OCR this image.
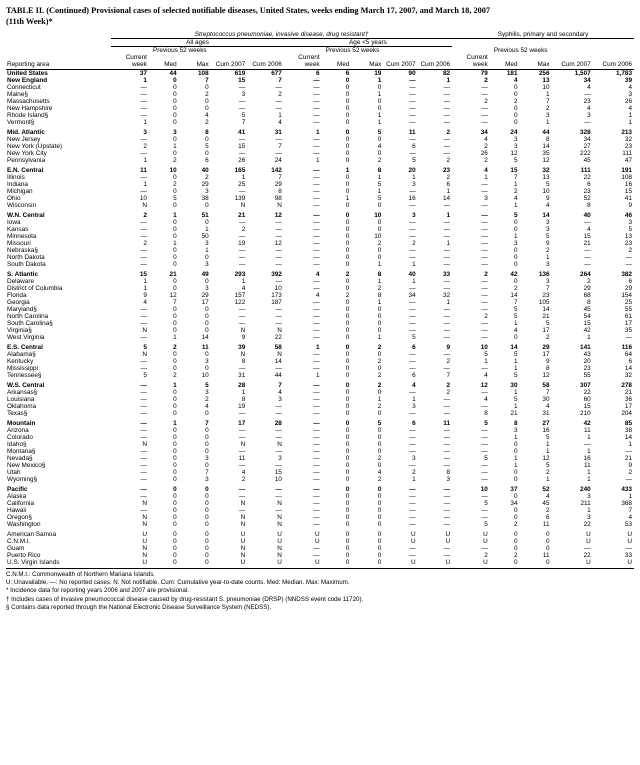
TABLE II. (Continued) Provisional cases of selected notifiable diseases, United States, weeks ending March 17, 2007, and March 18, 2007
(11th Week)*
	Streptococcus pneumoniae, invasive disease, drug resistant†										Syphilis, primary and secondary				
	All ages					Age <5 years									
		Previous 52 weeks					Previous 52 weeks					Previous 52 weeks			
Reporting area	Current week	Med	Max	Cum 2007	Cum 2006	Current week	Med	Max	Cum 2007	Cum 2006	Current week	Med	Max	Cum 2007	Cum 2006
United States	37	44	108	619	677	6	6	19	90	82	79	181	256	1,507	1,783
New England	1	0	7	15	7	—	0	1	—	1	2	4	13	34	39
Connecticut	—	0	0	—	—	—	0	0	—	—	—	0	10	4	4
Maine§	—	0	2	3	2	—	0	1	—	—	—	0	1	—	3
Massachusetts	—	0	0	—	—	—	0	0	—	—	2	2	7	23	26
New Hampshire	—	0	0	—	—	—	0	0	—	—	—	0	2	4	4
Rhode Island§	—	0	4	5	1	—	0	1	—	—	—	0	3	3	1
Vermont§	1	0	2	7	4	—	0	1	—	—	—	0	1	—	1

Mid. Atlantic	3	3	8	41	31	1	0	5	11	2	34	24	44	328	213
New Jersey	—	0	0	—	—	—	0	0	—	—	4	3	8	34	32
New York (Upstate)	2	1	5	15	7	—	0	4	6	—	2	3	14	27	23
New York City	—	0	0	—	—	—	0	0	—	—	26	12	35	222	111
Pennsylvania	1	2	6	26	24	1	0	2	5	2	2	5	12	45	47

E.N. Central	11	10	40	165	142	—	1	8	20	23	4	15	32	111	191
Illinois	—	0	2	1	7	—	0	1	1	2	1	7	13	22	108
Indiana	1	2	29	25	29	—	0	5	3	6	—	1	5	6	16
Michigan	—	0	3	—	8	—	0	1	—	1	—	2	10	23	15
Ohio	10	5	38	139	98	—	1	5	16	14	3	4	9	52	41
Wisconsin	N	0	0	N	N	—	0	0	—	—	—	1	4	8	9

W.N. Central	2	1	51	21	12	—	0	10	3	1	—	5	14	40	46
Iowa	—	0	0	—	—	—	0	0	—	—	—	0	3	—	3
Kansas	—	0	1	2	—	—	0	0	—	—	—	0	3	4	5
Minnesota	—	0	50	—	—	—	0	10	—	—	—	1	5	15	13
Missouri	2	1	3	19	12	—	0	2	2	1	—	3	9	21	23
Nebraska§	—	0	1	—	—	—	0	0	—	—	—	0	2	—	2
North Dakota	—	0	0	—	—	—	0	0	—	—	—	0	1	—	—
South Dakota	—	0	3	—	—	—	0	1	1	—	—	0	3	—	—

S. Atlantic	15	21	49	293	392	4	2	8	40	33	2	42	136	264	382
Delaware	1	0	0	1	—	—	0	1	1	—	—	0	3	2	6
District of Columbia	1	0	3	4	10	—	0	2	—	—	—	2	7	29	29
Florida	9	12	29	157	173	4	2	8	34	32	—	14	23	68	154
Georgia	4	7	17	122	187	—	0	1	—	1	—	7	105	8	25
Maryland§	—	0	0	—	—	—	0	0	—	—	—	5	14	45	55
North Carolina	—	0	0	—	—	—	0	0	—	—	2	5	21	54	61
South Carolina§	—	0	0	—	—	—	0	0	—	—	—	1	5	15	17
Virginia§	N	0	0	N	N	—	0	0	—	—	—	4	17	42	35
West Virginia	—	1	14	9	22	—	0	1	5	—	—	0	2	1	—

E.S. Central	5	2	11	39	58	1	0	2	6	9	10	14	29	141	116
Alabama§	N	0	0	N	N	—	0	0	—	—	5	5	17	43	64
Kentucky	—	0	3	8	14	—	0	2	—	2	1	1	9	20	6
Mississippi	—	0	0	—	—	—	0	0	—	—	—	1	8	23	14
Tennessee§	5	2	10	31	44	1	0	2	6	7	4	5	12	55	32

W.S. Central	—	1	5	28	7	—	0	2	4	2	12	30	58	307	278
Arkansas§	—	0	3	1	4	—	0	0	—	2	—	1	7	22	21
Louisiana	—	0	2	8	3	—	0	1	1	—	4	5	30	60	36
Oklahoma	—	0	4	19	—	—	0	2	3	—	—	1	4	15	17
Texas§	—	0	0	—	—	—	0	0	—	—	8	21	31	210	204

Mountain	—	1	7	17	28	—	0	5	6	11	5	8	27	42	85
Arizona	—	0	0	—	—	—	0	0	—	—	—	3	16	11	38
Colorado	—	0	0	—	—	—	0	0	—	—	—	1	5	1	14
Idaho§	N	0	0	N	N	—	0	0	—	—	—	0	1	—	1
Montana§	—	0	0	—	—	—	0	0	—	—	—	0	1	1	—
Nevada§	—	0	3	11	3	—	0	2	3	—	5	1	12	16	21
New Mexico§	—	0	0	—	—	—	0	0	—	—	—	1	5	11	9
Utah	—	0	7	4	15	—	0	4	2	8	—	0	2	1	2
Wyoming§	—	0	3	2	10	—	0	2	1	3	—	0	1	1	—

Pacific	—	0	0	—	—	—	0	0	—	—	10	37	52	240	433
Alaska	—	0	0	—	—	—	0	0	—	—	—	0	4	3	1
California	N	0	0	N	N	—	0	0	—	—	5	34	45	211	368
Hawaii	—	0	0	—	—	—	0	0	—	—	—	0	2	1	7
Oregon§	N	0	0	N	N	—	0	0	—	—	—	0	6	3	4
Washington	N	0	0	N	N	—	0	0	—	—	5	2	11	22	53

American Samoa	U	0	0	U	U	U	0	0	U	U	U	0	0	U	U
C.N.M.I.	U	0	0	U	U	U	0	0	U	U	U	0	0	U	U
Guam	N	0	0	N	N	—	0	0	—	—	—	0	0	—	—
Puerto Rico	N	0	0	N	N	—	0	0	—	—	2	2	11	22	33
U.S. Virgin Islands	U	0	0	U	U	U	0	0	U	U	U	0	0	U	U
C.N.M.I.: Commonwealth of Northern Mariana Islands.
U: Unavailable. —: No reported cases. N: Not notifiable. Cum: Cumulative year-to-date counts. Med: Median. Max: Maximum.
* Incidence data for reporting years 2006 and 2007 are provisional.
† Includes cases of invasive pneumococcal disease caused by drug-resistant S. pneumoniae (DRSP) (NNDSS event code 11720).
§ Contains data reported through the National Electronic Disease Surveillance System (NEDSS).
